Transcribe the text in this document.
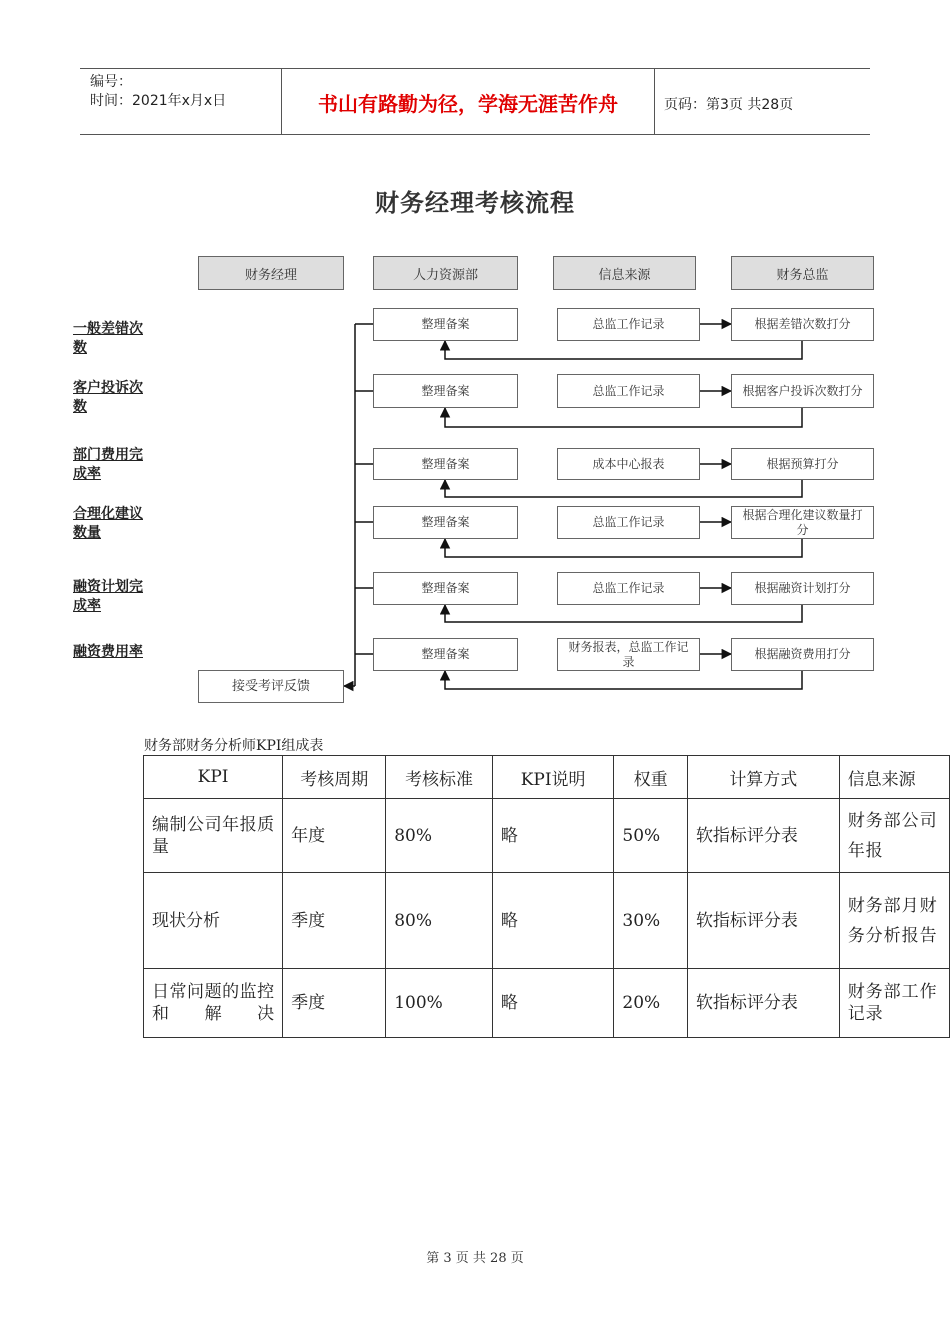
编号：
时间：2021年x月x日	书山有路勤为径，学海无涯苦作舟	页码：第3页 共28页
财务经理考核流程
财务经理	人力资源部	信息来源	财务总监
一般差错次数
整理备案	总监工作记录	根据差错次数打分
客户投诉次数
整理备案	总监工作记录	根据客户投诉次数打分
部门费用完成率
整理备案	成本中心报表	根据预算打分
合理化建议数量
整理备案	总监工作记录
根据合理化建议数量打分
融资计划完成率
整理备案	总监工作记录	根据融资计划打分
融资费用率	整理备案
财务报表，总监工作记录
根据融资费用打分
接受考评反馈
财务部财务分析师KPI组成表
KPI	考核周期	考核标准	KPI说明	权重	计算方式	信息来源
编制公司年报质量	年度	80%	略	50%	软指标评分表	财务部公司年报
现状分析	季度	80%	略	30%	软指标评分表	财务部月财务分析报告
日常问题的监控和解决	季度	100%	略	20%	软指标评分表	财务部工作记录
第 3 页 共 28 页
